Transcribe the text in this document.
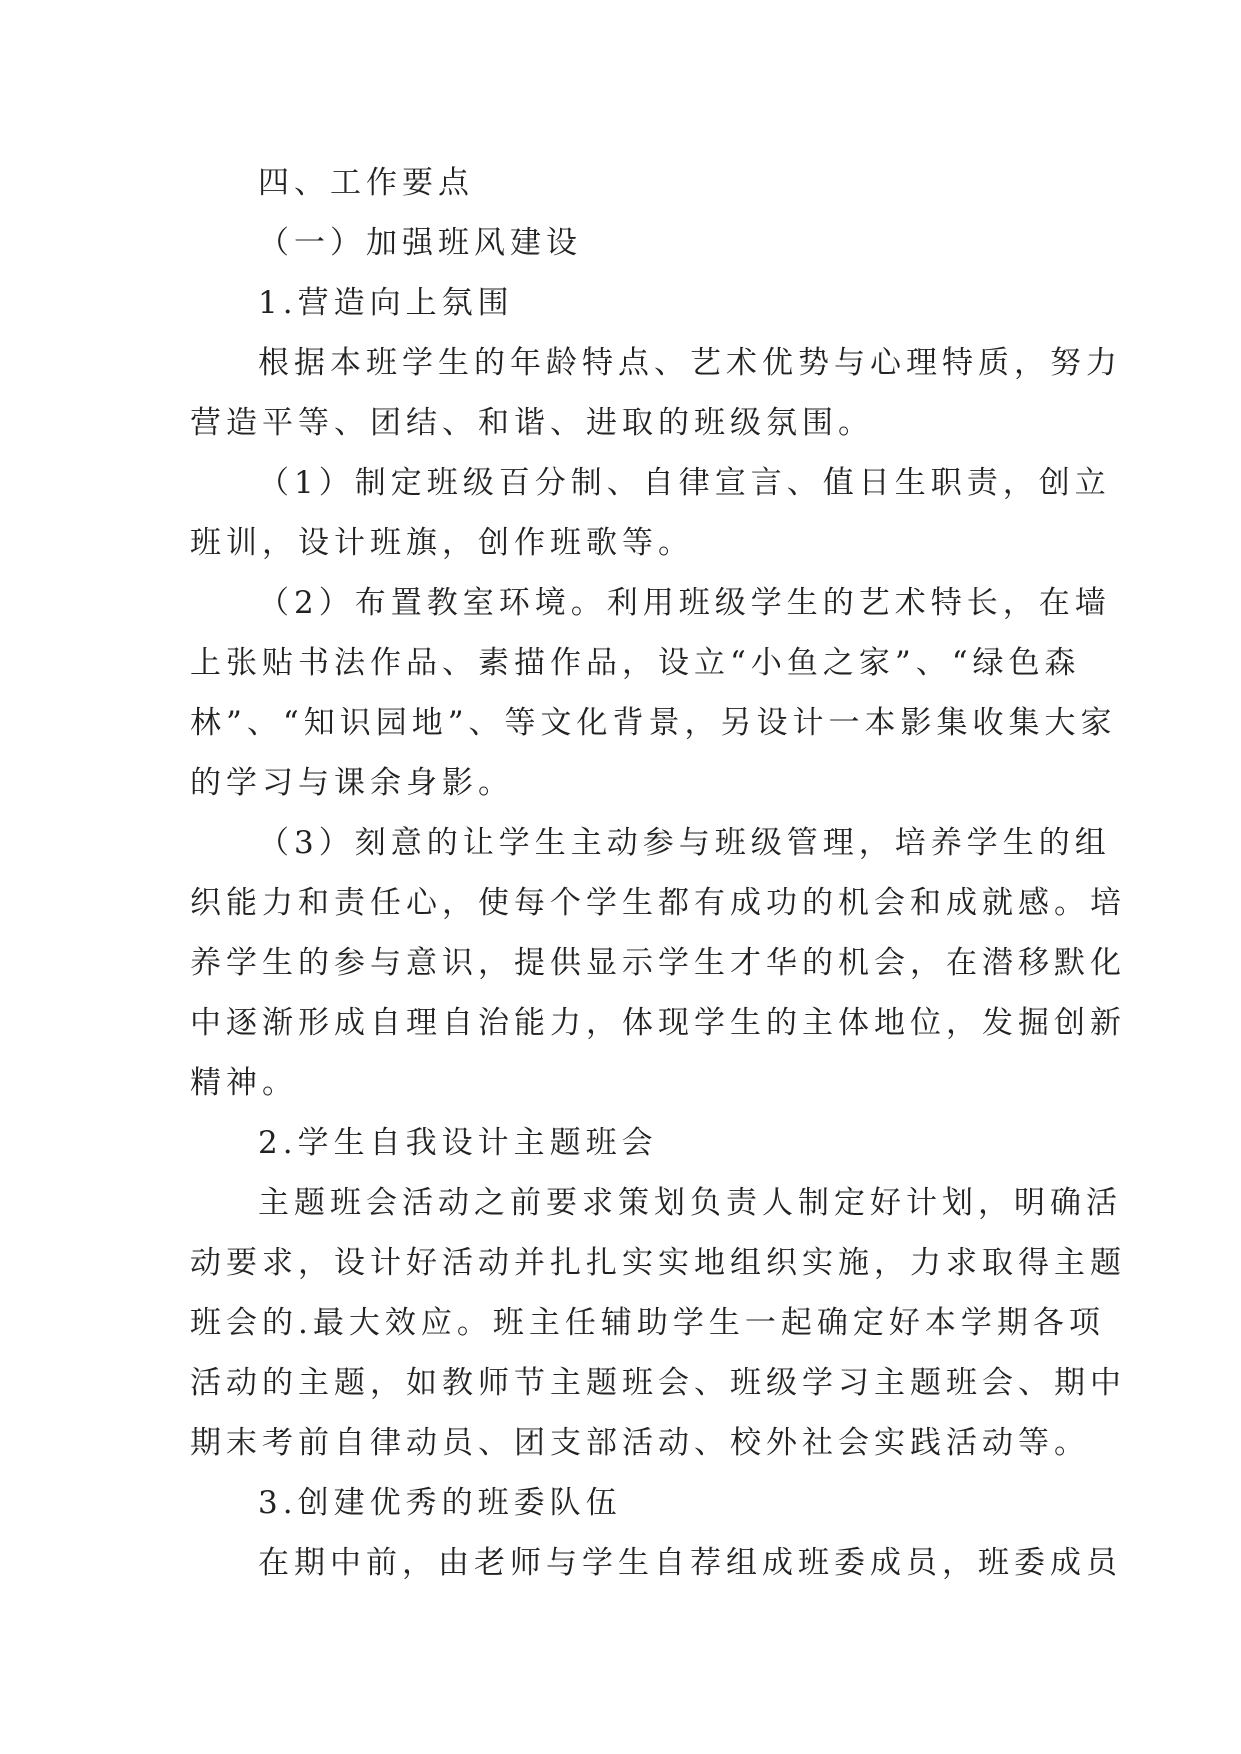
四、工作要点
（一）加强班风建设
1.营造向上氛围
根据本班学生的年龄特点、艺术优势与心理特质，努力
营造平等、团结、和谐、进取的班级氛围。
（1）制定班级百分制、自律宣言、值日生职责，创立
班训，设计班旗，创作班歌等。
（2）布置教室环境。利用班级学生的艺术特长，在墙
上张贴书法作品、素描作品，设立“小鱼之家”、“绿色森
林”、“知识园地”、等文化背景，另设计一本影集收集大家
的学习与课余身影。
（3）刻意的让学生主动参与班级管理，培养学生的组
织能力和责任心，使每个学生都有成功的机会和成就感。培
养学生的参与意识，提供显示学生才华的机会，在潜移默化
中逐渐形成自理自治能力，体现学生的主体地位，发掘创新
精神。
2.学生自我设计主题班会
主题班会活动之前要求策划负责人制定好计划，明确活
动要求，设计好活动并扎扎实实地组织实施，力求取得主题
班会的.最大效应。班主任辅助学生一起确定好本学期各项
活动的主题，如教师节主题班会、班级学习主题班会、期中
期末考前自律动员、团支部活动、校外社会实践活动等。
3.创建优秀的班委队伍
在期中前，由老师与学生自荐组成班委成员，班委成员
